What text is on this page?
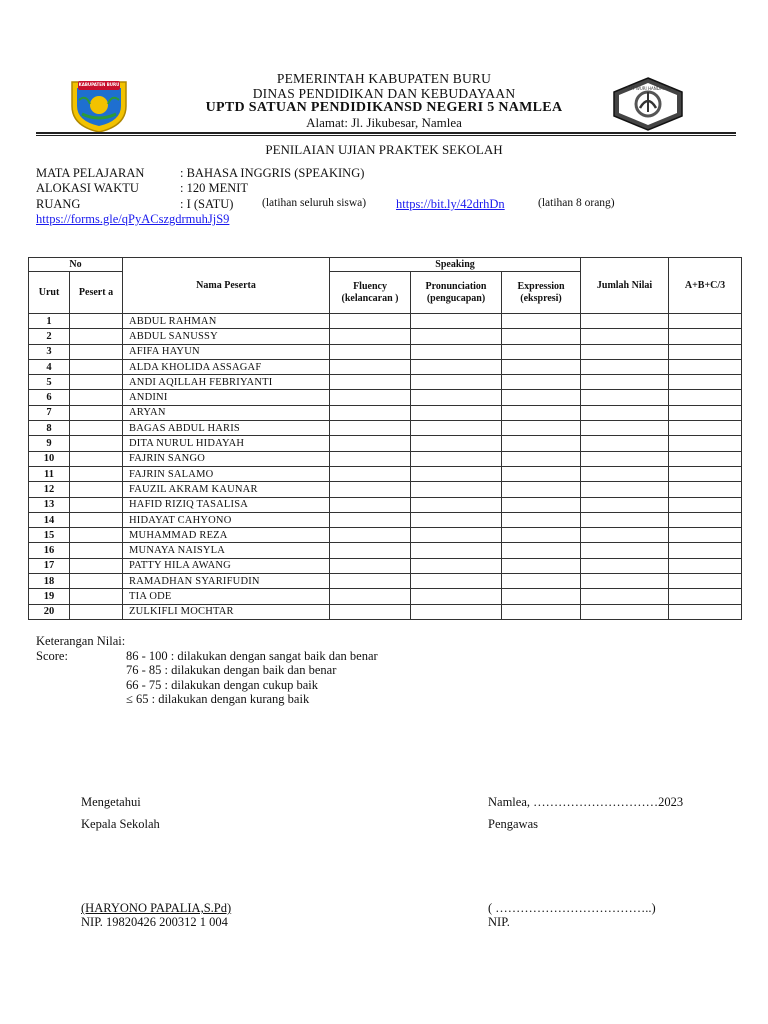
KABUPATEN BURU
TUT WURI HANDAYANI
PEMERINTAH KABUPATEN BURU
DINAS PENDIDIKAN DAN KEBUDAYAAN
UPTD SATUAN PENDIDIKANSD NEGERI 5 NAMLEA
Alamat: Jl. Jikubesar, Namlea
PENILAIAN UJIAN PRAKTEK SEKOLAH
MATA PELAJARAN	: BAHASA INGGRIS (SPEAKING)
ALOKASI WAKTU	: 120 MENIT
RUANG	: I (SATU) (latihan seluruh siswa) https://bit.ly/42drhDn	(latihan 8 orang)
https://forms.gle/qPyACszgdrmuhJjS9
No		Nama Peserta	Speaking			Jumlah Nilai	A+B+C/3
Urut	Pesert a		Fluency (kelancaran )	Pronunciation (pengucapan)	Expression (ekspresi)		
1		ABDUL RAHMAN					
2		ABDUL SANUSSY					
3		AFIFA HAYUN					
4		ALDA KHOLIDA ASSAGAF					
5		ANDI AQILLAH FEBRIYANTI					
6		ANDINI					
7		ARYAN					
8		BAGAS ABDUL HARIS					
9		DITA NURUL HIDAYAH					
10		FAJRIN SANGO					
11		FAJRIN SALAMO					
12		FAUZIL AKRAM KAUNAR					
13		HAFID RIZIQ TASALISA					
14		HIDAYAT CAHYONO					
15		MUHAMMAD REZA					
16		MUNAYA NAISYLA					
17		PATTY HILA AWANG					
18		RAMADHAN SYARIFUDIN					
19		TIA ODE					
20		ZULKIFLI MOCHTAR					
Keterangan Nilai:
Score:	86 - 100 : dilakukan dengan sangat baik dan benar
76 - 85 : dilakukan dengan baik dan benar
66 - 75 : dilakukan dengan cukup baik
≤ 65 : dilakukan dengan kurang baik
Mengetahui
Kepala Sekolah
(HARYONO PAPALIA,S.Pd)
NIP. 19820426 200312 1 004
Namlea, …………………………2023
Pengawas
( ………………………………..)
NIP.
